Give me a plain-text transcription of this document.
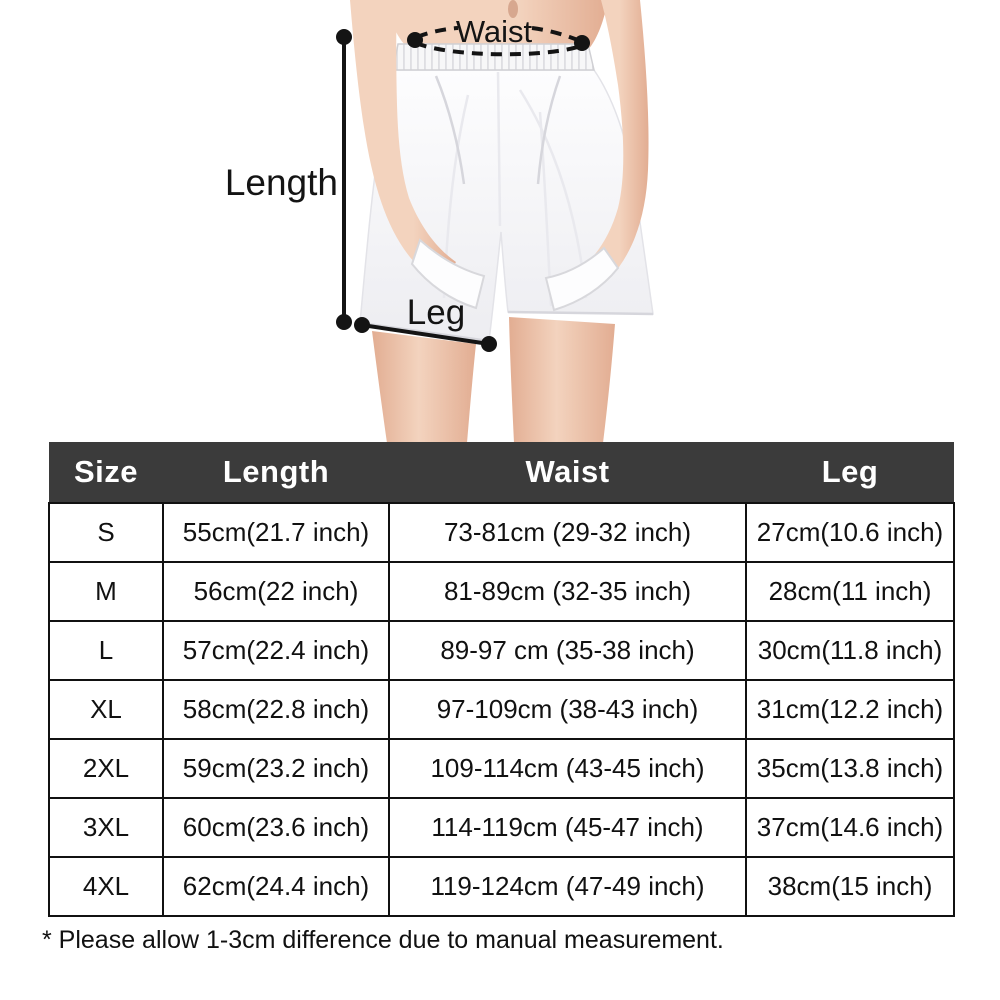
Waist
Length
Leg
Size	Length	Waist	Leg
S	55cm(21.7 inch)	73-81cm (29-32 inch)	27cm(10.6 inch)
M	56cm(22 inch)	81-89cm (32-35 inch)	28cm(11 inch)
L	57cm(22.4 inch)	89-97 cm (35-38 inch)	30cm(11.8 inch)
XL	58cm(22.8 inch)	97-109cm (38-43 inch)	31cm(12.2 inch)
2XL	59cm(23.2 inch)	109-114cm (43-45 inch)	35cm(13.8 inch)
3XL	60cm(23.6 inch)	114-119cm (45-47 inch)	37cm(14.6 inch)
4XL	62cm(24.4 inch)	119-124cm (47-49 inch)	38cm(15 inch)
* Please allow 1-3cm difference due to manual measurement.
